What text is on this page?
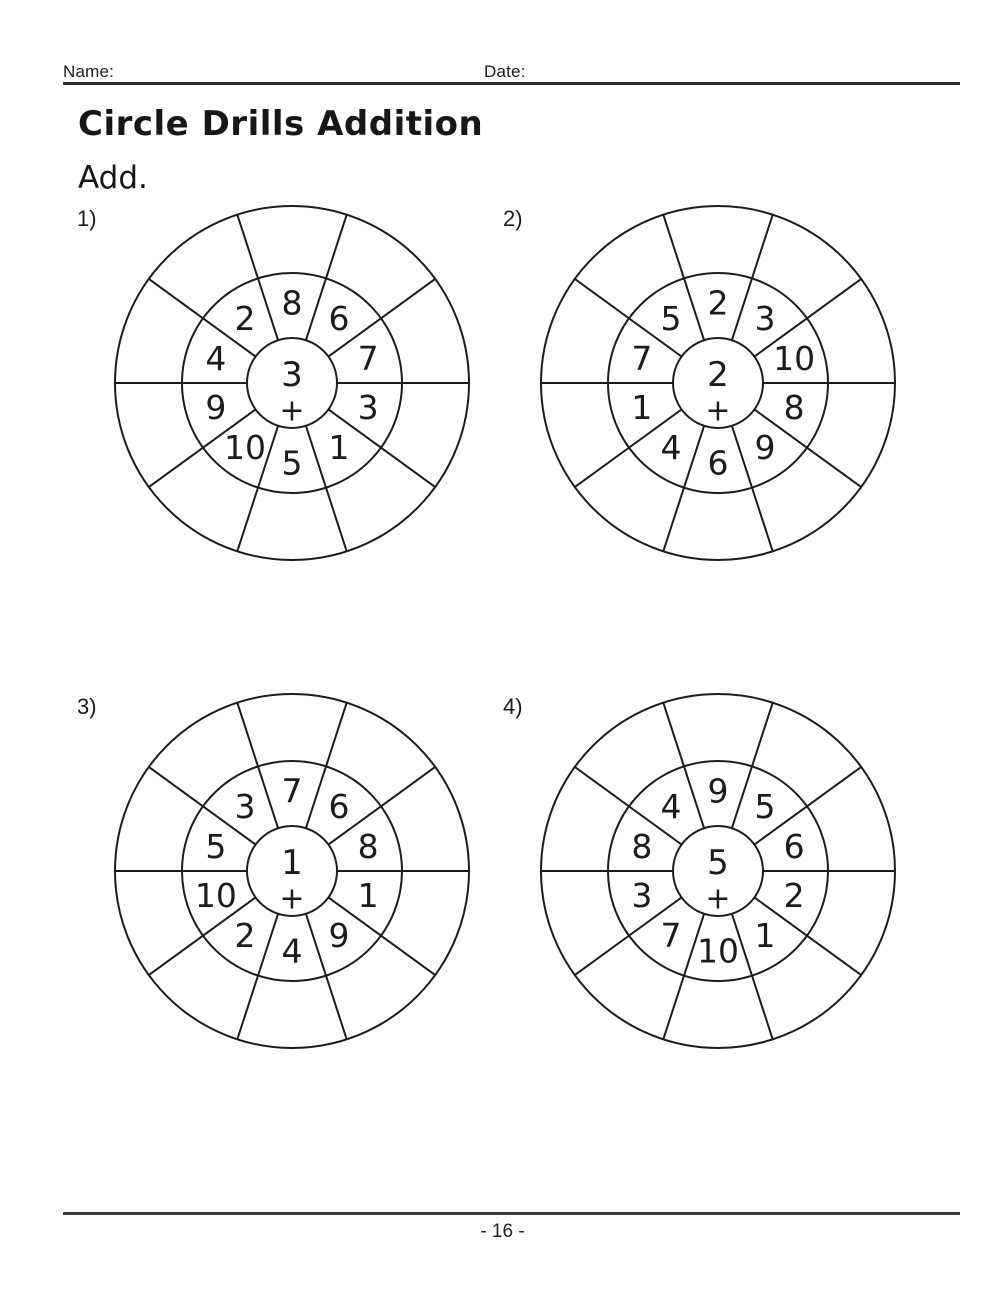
Name:	Date:
Circle Drills Addition
Add.
1)
8 6
7
3
1
5
10
9
4
2
3
+
2)
2 3
10
8
9
6
4
1
7
5
2
+
3)
7 6
8
1
9
4
2
10
5
3
1
+
4)
9 5
6
2
1
10
7
3
8
4
5
+
- 16 -
